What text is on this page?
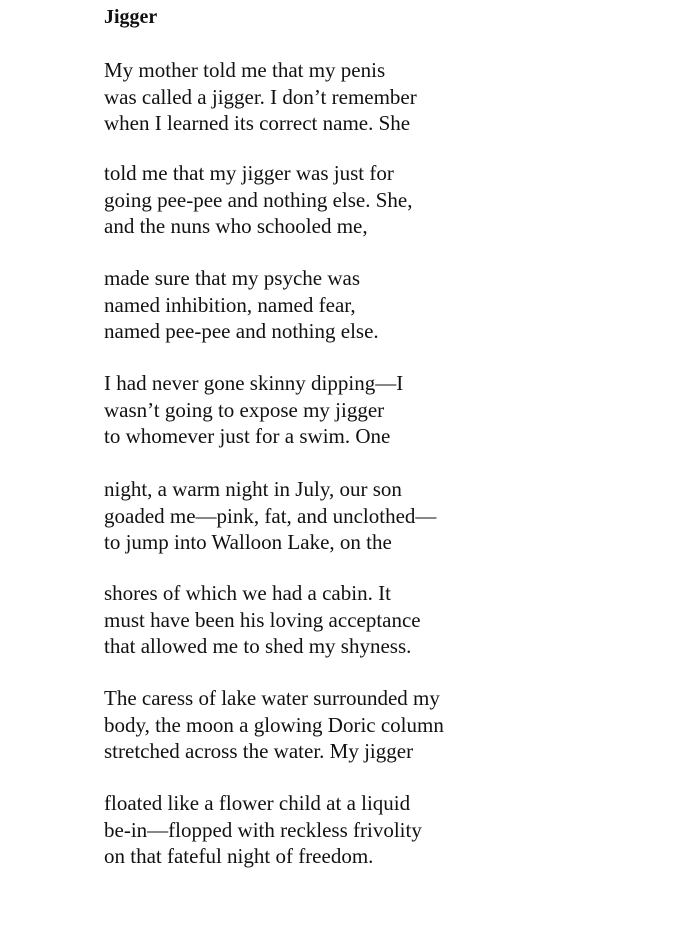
Jigger
My mother told me that my penis
was called a jigger. I don’t remember
when I learned its correct name. She
told me that my jigger was just for
going pee-pee and nothing else. She,
and the nuns who schooled me,
made sure that my psyche was
named inhibition, named fear,
named pee-pee and nothing else.
I had never gone skinny dipping—I
wasn’t going to expose my jigger
to whomever just for a swim. One
night, a warm night in July, our son
goaded me—pink, fat, and unclothed—
to jump into Walloon Lake, on the
shores of which we had a cabin. It
must have been his loving acceptance
that allowed me to shed my shyness.
The caress of lake water surrounded my
body, the moon a glowing Doric column
stretched across the water. My jigger
floated like a flower child at a liquid
be-in—flopped with reckless frivolity
on that fateful night of freedom.
